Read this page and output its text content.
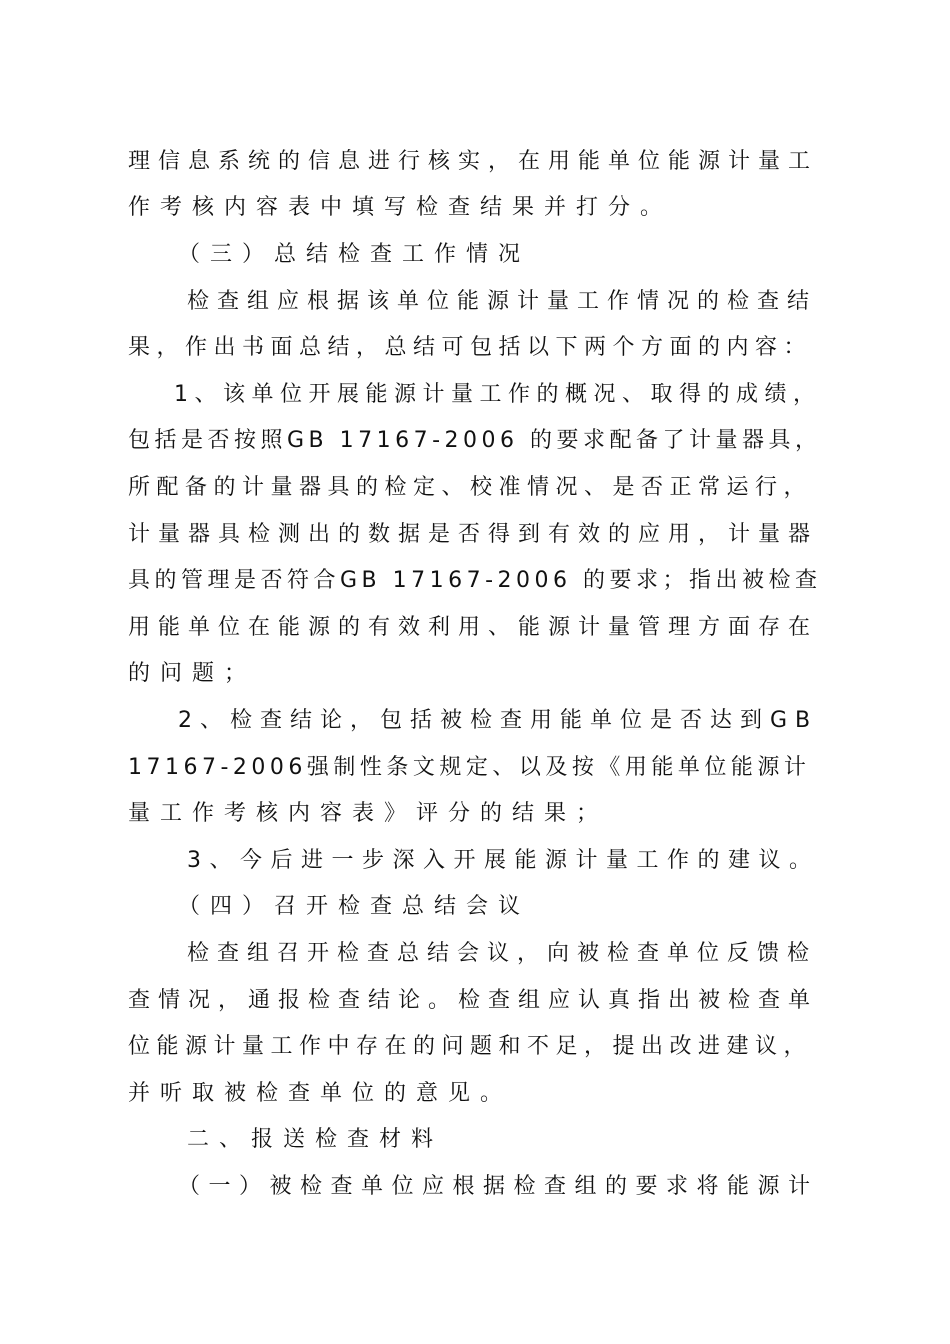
理信息系统的信息进行核实，在用能单位能源计量工
作考核内容表中填写检查结果并打分。
（三）总结检查工作情况
检查组应根据该单位能源计量工作情况的检查结
果，作出书面总结，总结可包括以下两个方面的内容：
1、该单位开展能源计量工作的概况、取得的成绩，
包括是否按照GB 17167-2006 的要求配备了计量器具，
所配备的计量器具的检定、校准情况、是否正常运行，
计量器具检测出的数据是否得到有效的应用，计量器
具的管理是否符合GB 17167-2006 的要求；指出被检查
用能单位在能源的有效利用、能源计量管理方面存在
的问题；
2、检查结论，包括被检查用能单位是否达到GB
17167-2006强制性条文规定、以及按《用能单位能源计
量工作考核内容表》评分的结果；
3、今后进一步深入开展能源计量工作的建议。
（四）召开检查总结会议
检查组召开检查总结会议，向被检查单位反馈检
查情况，通报检查结论。检查组应认真指出被检查单
位能源计量工作中存在的问题和不足，提出改进建议，
并听取被检查单位的意见。
二、报送检查材料
（一）被检查单位应根据检查组的要求将能源计
